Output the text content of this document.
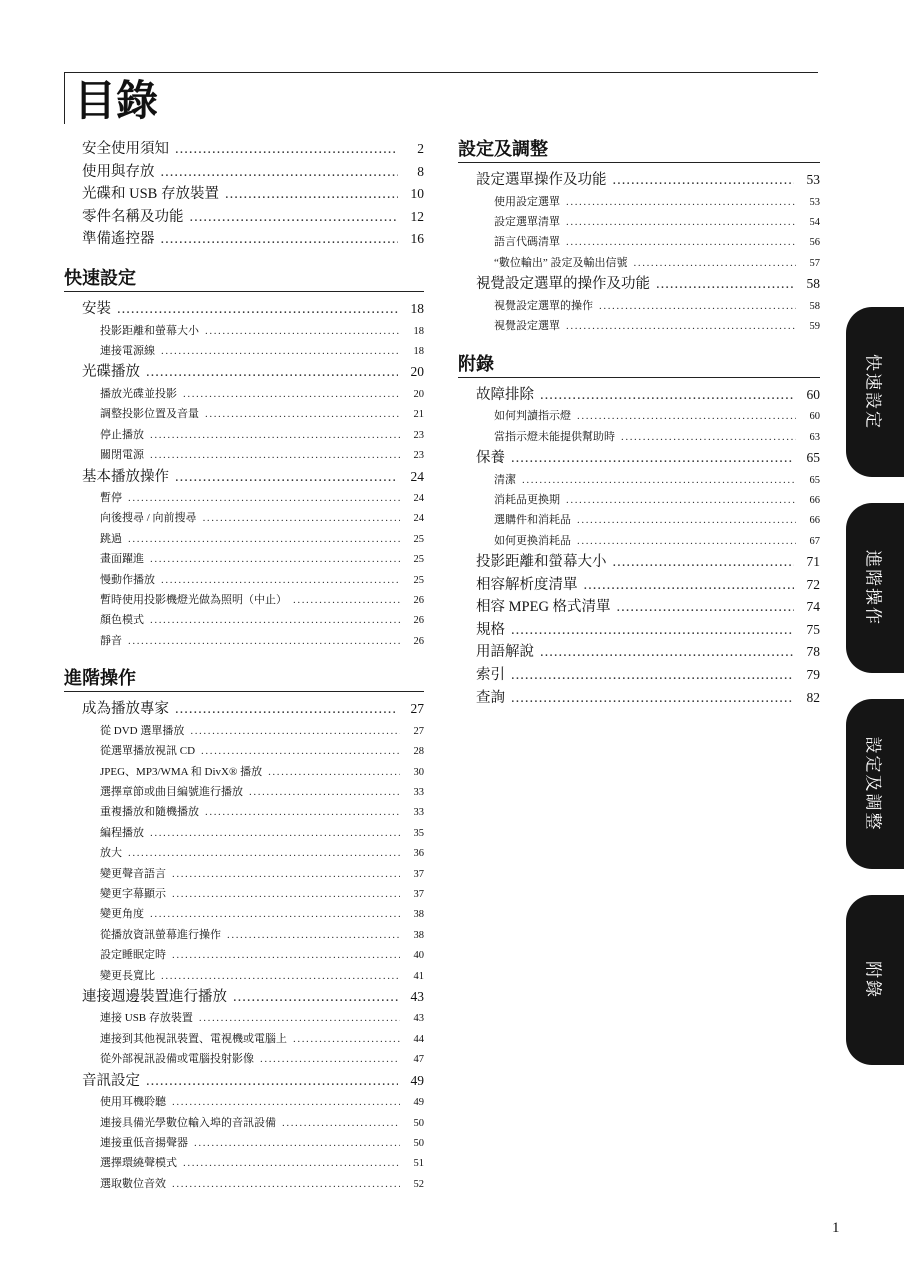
目錄
安全使用須知 .....	2
使用與存放 .....	8
光碟和 USB 存放裝置 .....	10
零件名稱及功能 .....	12
準備遙控器 .....	16
快速設定
安裝 .....	18
投影距離和螢幕大小 .....	18
連接電源線 .....	18
光碟播放 .....	20
播放光碟並投影 .....	20
調整投影位置及音量 .....	21
停止播放 .....	23
關閉電源 .....	23
基本播放操作 .....	24
暫停 .....	24
向後搜尋 / 向前搜尋 .....	24
跳過 .....	25
畫面躍進 .....	25
慢動作播放 .....	25
暫時使用投影機燈光做為照明（中止） .....	26
顏色模式 .....	26
靜音 .....	26
進階操作
成為播放專家 .....	27
從 DVD 選單播放 .....	27
從選單播放視訊 CD .....	28
JPEG、MP3/WMA 和 DivX® 播放 .....	30
選擇章節或曲目編號進行播放 .....	33
重複播放和隨機播放 .....	33
編程播放 .....	35
放大 .....	36
變更聲音語言 .....	37
變更字幕顯示 .....	37
變更角度 .....	38
從播放資訊螢幕進行操作 .....	38
設定睡眠定時 .....	40
變更長寬比 .....	41
連接週邊裝置進行播放 .....	43
連接 USB 存放裝置 .....	43
連接到其他視訊裝置、電視機或電腦上 .....	44
從外部視訊設備或電腦投射影像 .....	47
音訊設定 .....	49
使用耳機聆聽 .....	49
連接具備光學數位輸入埠的音訊設備 .....	50
連接重低音揚聲器 .....	50
選擇環繞聲模式 .....	51
選取數位音效 .....	52
設定及調整
設定選單操作及功能 .....	53
使用設定選單 .....	53
設定選單清單 .....	54
語言代碼清單 .....	56
“數位輸出” 設定及輸出信號 .....	57
視覺設定選單的操作及功能 .....	58
視覺設定選單的操作 .....	58
視覺設定選單 .....	59
附錄
故障排除 .....	60
如何判讀指示燈 .....	60
當指示燈未能提供幫助時 .....	63
保養 .....	65
清潔 .....	65
消耗品更換期 .....	66
選購件和消耗品 .....	66
如何更換消耗品 .....	67
投影距離和螢幕大小 .....	71
相容解析度清單 .....	72
相容 MPEG 格式清單 .....	74
規格 .....	75
用語解說 .....	78
索引 .....	79
查詢 .....	82
快速設定
進階操作
設定及調整
附錄
1
